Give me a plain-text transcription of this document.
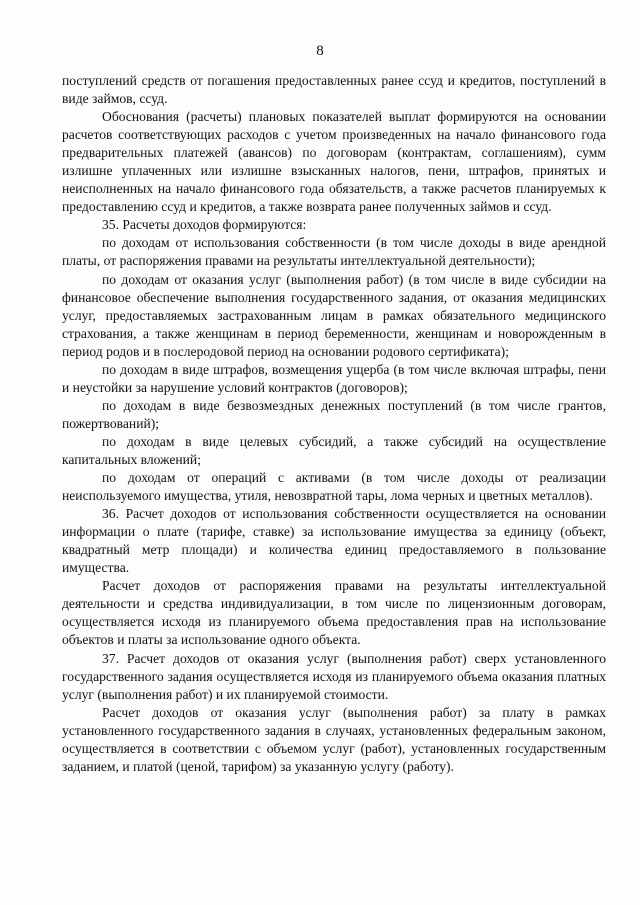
8

поступлений средств от погашения предоставленных ранее ссуд и кредитов, поступлений в виде займов, ссуд.

Обоснования (расчеты) плановых показателей выплат формируются на основании расчетов соответствующих расходов с учетом произведенных на начало финансового года предварительных платежей (авансов) по договорам (контрактам, соглашениям), сумм излишне уплаченных или излишне взысканных налогов, пени, штрафов, принятых и неисполненных на начало финансового года обязательств, а также расчетов планируемых к предоставлению ссуд и кредитов, а также возврата ранее полученных займов и ссуд.

35. Расчеты доходов формируются:

по доходам от использования собственности (в том числе доходы в виде арендной платы, от распоряжения правами на результаты интеллектуальной деятельности);

по доходам от оказания услуг (выполнения работ) (в том числе в виде субсидии на финансовое обеспечение выполнения государственного задания, от оказания медицинских услуг, предоставляемых застрахованным лицам в рамках обязательного медицинского страхования, а также женщинам в период беременности, женщинам и новорожденным в период родов и в послеродовой период на основании родового сертификата);

по доходам в виде штрафов, возмещения ущерба (в том числе включая штрафы, пени и неустойки за нарушение условий контрактов (договоров);

по доходам в виде безвозмездных денежных поступлений (в том числе грантов, пожертвований);

по доходам в виде целевых субсидий, а также субсидий на осуществление капитальных вложений;

по доходам от операций с активами (в том числе доходы от реализации неиспользуемого имущества, утиля, невозвратной тары, лома черных и цветных металлов).

36. Расчет доходов от использования собственности осуществляется на основании информации о плате (тарифе, ставке) за использование имущества за единицу (объект, квадратный метр площади) и количества единиц предоставляемого в пользование имущества.

Расчет доходов от распоряжения правами на результаты интеллектуальной деятельности и средства индивидуализации, в том числе по лицензионным договорам, осуществляется исходя из планируемого объема предоставления прав на использование объектов и платы за использование одного объекта.

37. Расчет доходов от оказания услуг (выполнения работ) сверх установленного государственного задания осуществляется исходя из планируемого объема оказания платных услуг (выполнения работ) и их планируемой стоимости.

Расчет доходов от оказания услуг (выполнения работ) за плату в рамках установленного государственного задания в случаях, установленных федеральным законом, осуществляется в соответствии с объемом услуг (работ), установленных государственным заданием, и платой (ценой, тарифом) за указанную услугу (работу).
